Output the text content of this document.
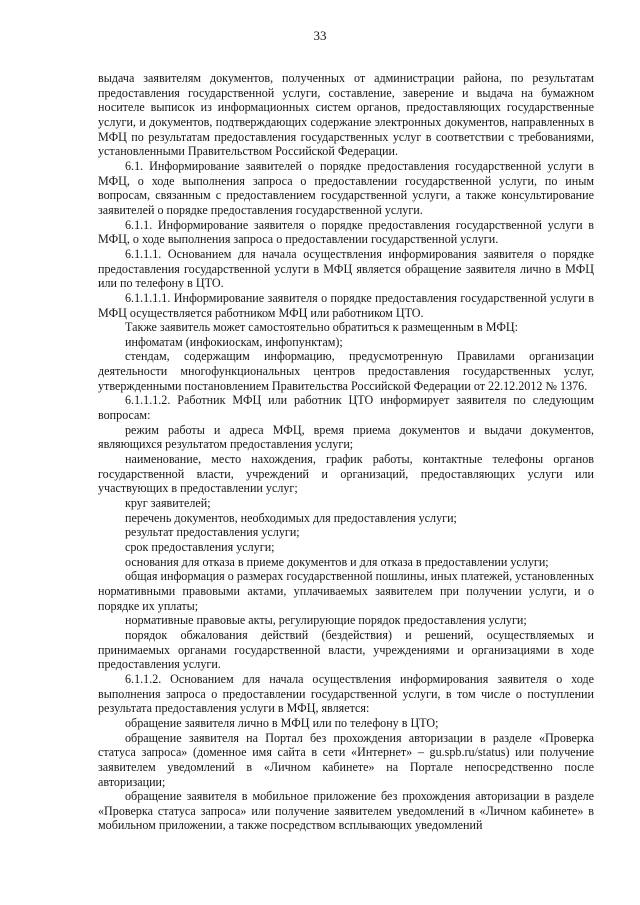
33

выдача заявителям документов, полученных от администрации района, по результатам предоставления государственной услуги, составление, заверение и выдача на бумажном носителе выписок из информационных систем органов, предоставляющих государственные услуги, и документов, подтверждающих содержание электронных документов, направленных в МФЦ по результатам предоставления государственных услуг в соответствии с требованиями, установленными Правительством Российской Федерации.

6.1. Информирование заявителей о порядке предоставления государственной услуги в МФЦ, о ходе выполнения запроса о предоставлении государственной услуги, по иным вопросам, связанным с предоставлением государственной услуги, а также консультирование заявителей о порядке предоставления государственной услуги.

6.1.1. Информирование заявителя о порядке предоставления государственной услуги в МФЦ, о ходе выполнения запроса о предоставлении государственной услуги.

6.1.1.1. Основанием для начала осуществления информирования заявителя о порядке предоставления государственной услуги в МФЦ является обращение заявителя лично в МФЦ или по телефону в ЦТО.

6.1.1.1.1. Информирование заявителя о порядке предоставления государственной услуги в МФЦ осуществляется работником МФЦ или работником ЦТО.

Также заявитель может самостоятельно обратиться к размещенным в МФЦ:

инфоматам (инфокиоскам, инфопунктам);

стендам, содержащим информацию, предусмотренную Правилами организации деятельности многофункциональных центров предоставления государственных услуг, утвержденными постановлением Правительства Российской Федерации от 22.12.2012 № 1376.

6.1.1.1.2. Работник МФЦ или работник ЦТО информирует заявителя по следующим вопросам:

режим работы и адреса МФЦ, время приема документов и выдачи документов, являющихся результатом предоставления услуги;

наименование, место нахождения, график работы, контактные телефоны органов государственной власти, учреждений и организаций, предоставляющих услуги или участвующих в предоставлении услуг;

круг заявителей;

перечень документов, необходимых для предоставления услуги;

результат предоставления услуги;

срок предоставления услуги;

основания для отказа в приеме документов и для отказа в предоставлении услуги;

общая информация о размерах государственной пошлины, иных платежей, установленных нормативными правовыми актами, уплачиваемых заявителем при получении услуги, и о порядке их уплаты;

нормативные правовые акты, регулирующие порядок предоставления услуги;

порядок обжалования действий (бездействия) и решений, осуществляемых и принимаемых органами государственной власти, учреждениями и организациями в ходе предоставления услуги.

6.1.1.2. Основанием для начала осуществления информирования заявителя о ходе выполнения запроса о предоставлении государственной услуги, в том числе о поступлении результата предоставления услуги в МФЦ, является:

обращение заявителя лично в МФЦ или по телефону в ЦТО;

обращение заявителя на Портал без прохождения авторизации в разделе «Проверка статуса запроса» (доменное имя сайта в сети «Интернет» – gu.spb.ru/status) или получение заявителем уведомлений в «Личном кабинете» на Портале непосредственно после авторизации;

обращение заявителя в мобильное приложение без прохождения авторизации в разделе «Проверка статуса запроса» или получение заявителем уведомлений в «Личном кабинете» в мобильном приложении, а также посредством всплывающих уведомлений
